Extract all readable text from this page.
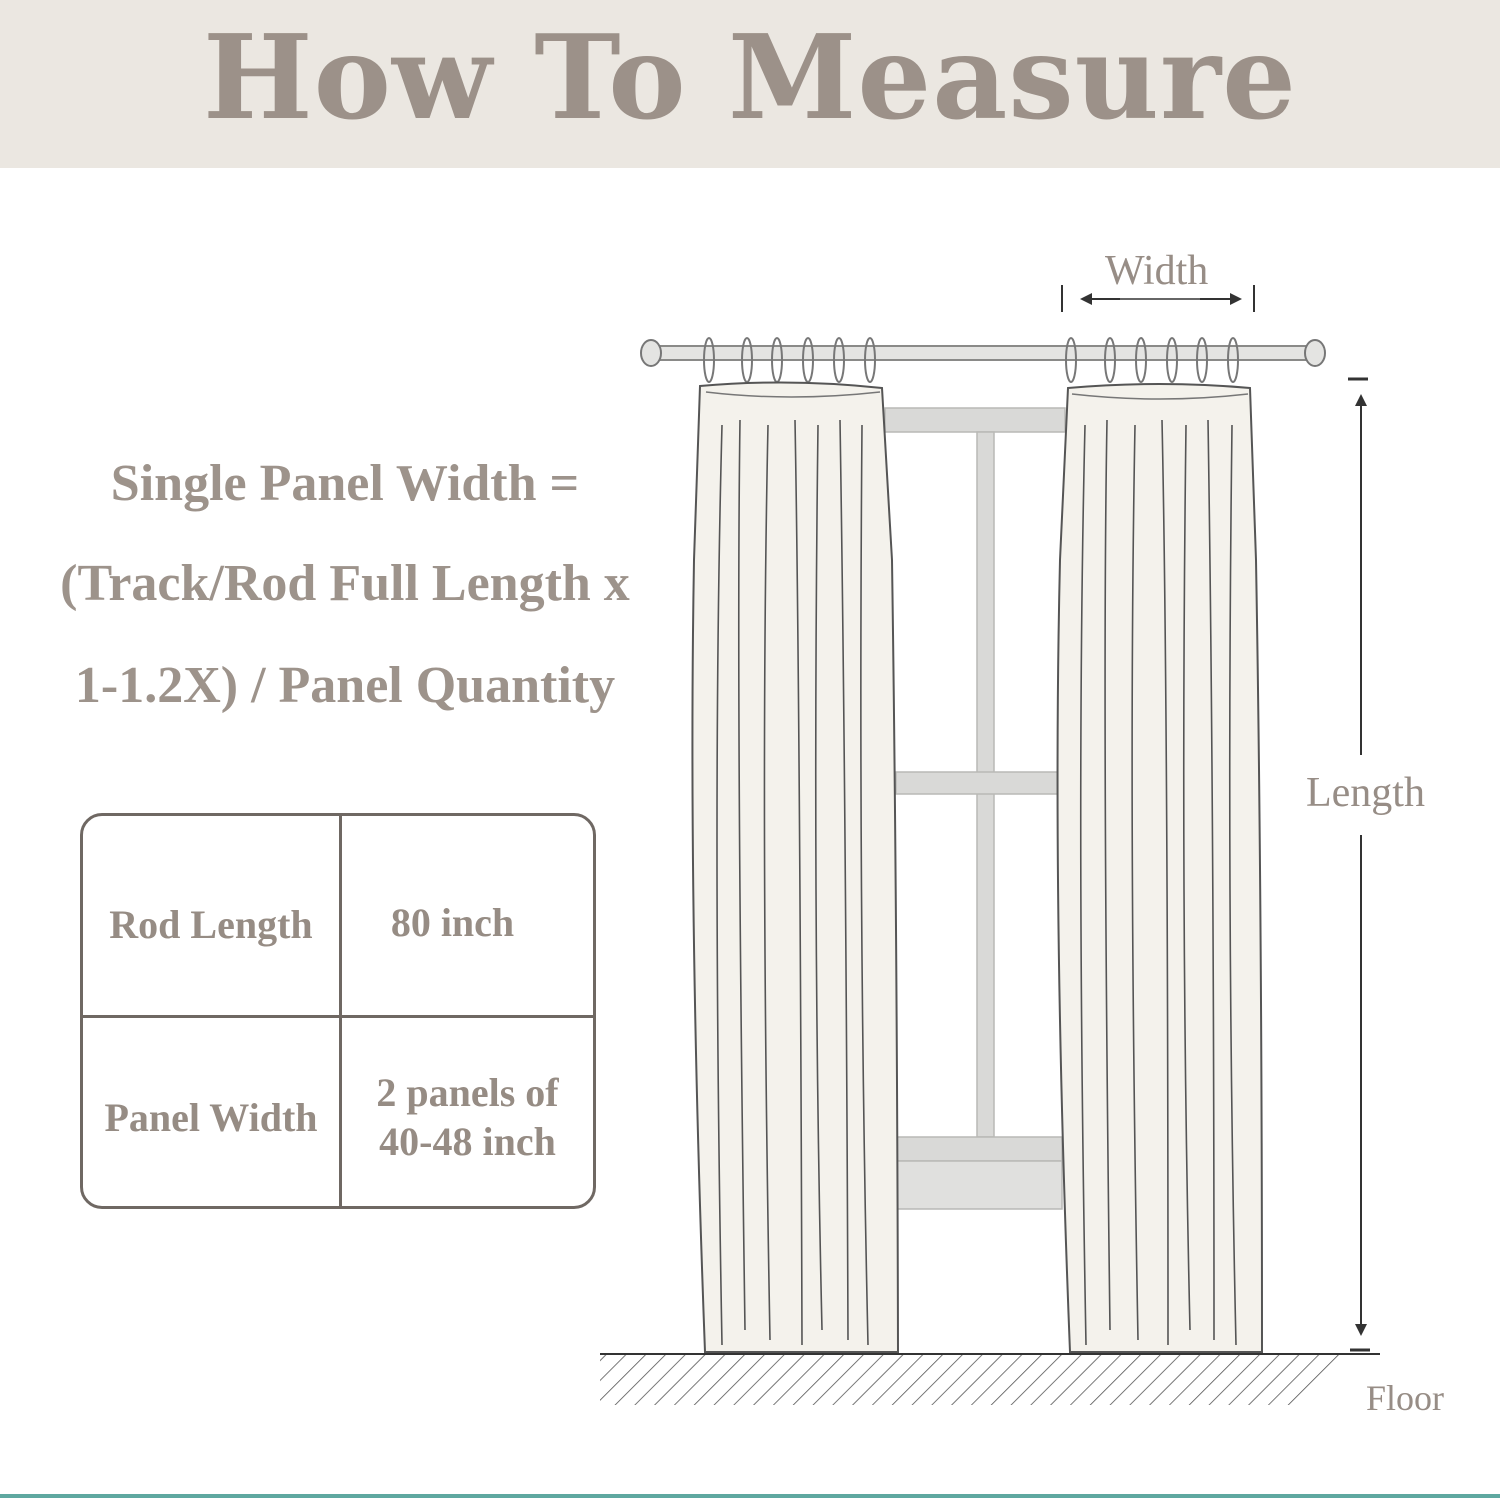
How To Measure
Single Panel Width =
(Track/Rod Full Length x
1-1.2X) / Panel Quantity
Rod Length 80 inch
Panel Width
2 panels of
40-48 inch
Width
Length
Floor
